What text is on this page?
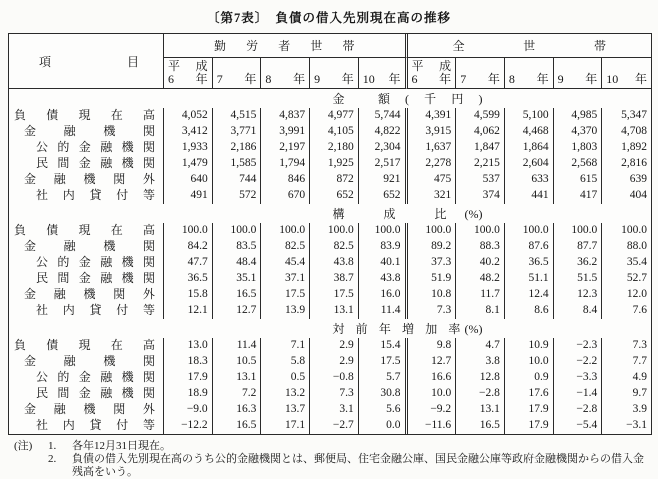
〔第7表〕　負債の借入先別現在高の推移
項 目
勤 労 者 世 帯	全 世 帯
平 成
6 年 7 年 8 年 9 年 10 年
平 成
6 年 7 年 8 年 9 年 10 年
金 額(千円)
負 債 現 在 高	4,052	4,515	4,837	4,977	5,744	4,391	4,599	5,100	4,985	5,347
金 融 機 関	3,412	3,771	3,991	4,105	4,822	3,915	4,062	4,468	4,370	4,708
公 的 金 融 機 関	1,933	2,186	2,197	2,180	2,304	1,637	1,847	1,864	1,803	1,892
民 間 金 融 機 関	1,479	1,585	1,794	1,925	2,517	2,278	2,215	2,604	2,568	2,816
金 融 機 関 外	640	744	846	872	921	475	537	633	615	639
社 内 貸 付 等	491	572	670	652	652	321	374	441	417	404
構 成 比(%)
負 債 現 在 高	100.0	100.0	100.0	100.0	100.0	100.0	100.0	100.0	100.0	100.0
金 融 機 関	84.2	83.5	82.5	82.5	83.9	89.2	88.3	87.6	87.7	88.0
公 的 金 融 機 関	47.7	48.4	45.4	43.8	40.1	37.3	40.2	36.5	36.2	35.4
民 間 金 融 機 関	36.5	35.1	37.1	38.7	43.8	51.9	48.2	51.1	51.5	52.7
金 融 機 関 外	15.8	16.5	17.5	17.5	16.0	10.8	11.7	12.4	12.3	12.0
社 内 貸 付 等	12.1	12.7	13.9	13.1	11.4	7.3	8.1	8.6	8.4	7.6
対 前 年 増 加 率(%)
負 債 現 在 高	13.0	11.4	7.1	2.9	15.4	9.8	4.7	10.9	−2.3	7.3
金 融 機 関	18.3	10.5	5.8	2.9	17.5	12.7	3.8	10.0	−2.2	7.7
公 的 金 融 機 関	17.9	13.1	0.5	−0.8	5.7	16.6	12.8	0.9	−3.3	4.9
民 間 金 融 機 関	18.9	7.2	13.2	7.3	30.8	10.0	−2.8	17.6	−1.4	9.7
金 融 機 関 外	−9.0	16.3	13.7	3.1	5.6	−9.2	13.1	17.9	−2.8	3.9
社 内 貸 付 等	−12.2	16.5	17.1	−2.7	0.0	−11.6	16.5	17.9	−5.4	−3.1
(注)	1.	各年12月31日現在。
2.	負債の借入先別現在高のうち公的金融機関とは、郵便局、住宅金融公庫、国民金融公庫等政府金融機関からの借入金残高をいう。
